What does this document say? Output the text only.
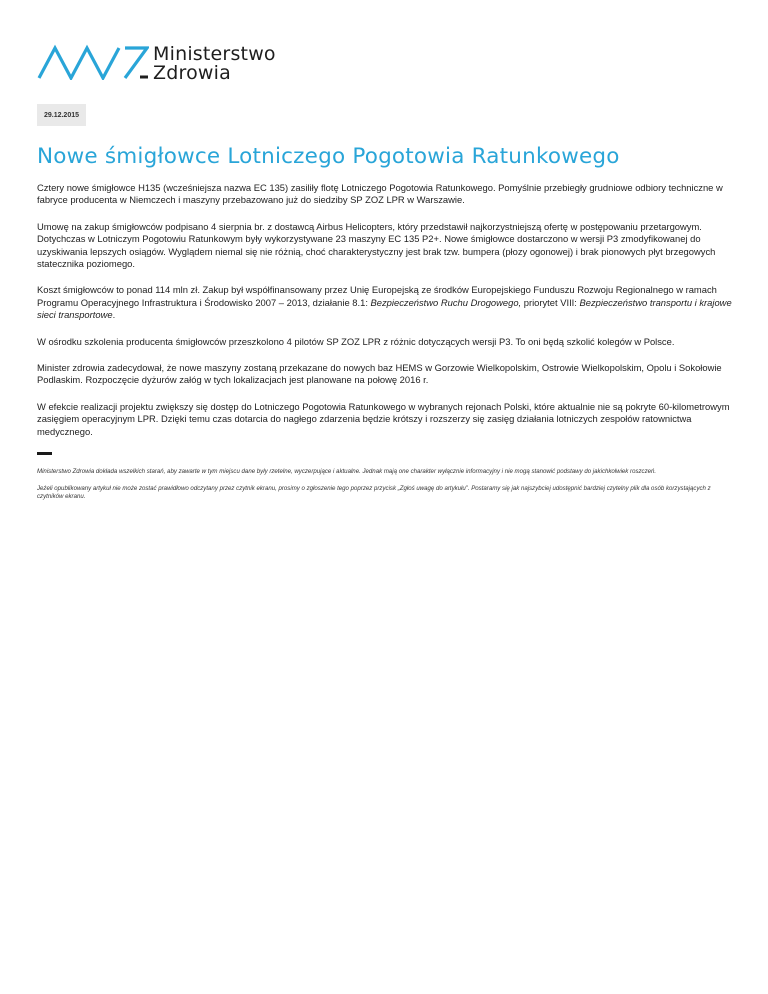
Ministerstwo
Zdrowia
29.12.2015
Nowe śmigłowce Lotniczego Pogotowia Ratunkowego

Cztery nowe śmigłowce H135 (wcześniejsza nazwa EC 135) zasiliły flotę Lotniczego Pogotowia Ratunkowego. Pomyślnie przebiegły grudniowe odbiory techniczne w fabryce producenta w Niemczech i maszyny przebazowano już do siedziby SP ZOZ LPR w Warszawie.

Umowę na zakup śmigłowców podpisano 4 sierpnia br. z dostawcą Airbus Helicopters, który przedstawił najkorzystniejszą ofertę w postępowaniu przetargowym. Dotychczas w Lotniczym Pogotowiu Ratunkowym były wykorzystywane 23 maszyny EC 135 P2+. Nowe śmigłowce dostarczono w wersji P3 zmodyfikowanej do uzyskiwania lepszych osiągów. Wyglądem niemal się nie różnią, choć charakterystyczny jest brak tzw. bumpera (płozy ogonowej) i brak pionowych płyt brzegowych statecznika poziomego.

Koszt śmigłowców to ponad 114 mln zł. Zakup był współfinansowany przez Unię Europejską ze środków Europejskiego Funduszu Rozwoju Regionalnego w ramach Programu Operacyjnego Infrastruktura i Środowisko 2007 – 2013, działanie 8.1: Bezpieczeństwo Ruchu Drogowego, priorytet VIII: Bezpieczeństwo transportu i krajowe sieci transportowe.

W ośrodku szkolenia producenta śmigłowców przeszkolono 4 pilotów SP ZOZ LPR z różnic dotyczących wersji P3. To oni będą szkolić kolegów w Polsce.

Minister zdrowia zadecydował, że nowe maszyny zostaną przekazane do nowych baz HEMS w Gorzowie Wielkopolskim, Ostrowie Wielkopolskim, Opolu i Sokołowie Podlaskim. Rozpoczęcie dyżurów załóg w tych lokalizacjach jest planowane na połowę 2016 r.

W efekcie realizacji projektu zwiększy się dostęp do Lotniczego Pogotowia Ratunkowego w wybranych rejonach Polski, które aktualnie nie są pokryte 60-kilometrowym zasięgiem operacyjnym LPR. Dzięki temu czas dotarcia do nagłego zdarzenia będzie krótszy i rozszerzy się zasięg działania lotniczych zespołów ratownictwa medycznego.

Ministerstwo Zdrowia dokłada wszelkich starań, aby zawarte w tym miejscu dane były rzetelne, wyczerpujące i aktualne. Jednak mają one charakter wyłącznie informacyjny i nie mogą stanowić podstawy do jakichkolwiek roszczeń.
Jeżeli opublikowany artykuł nie może zostać prawidłowo odczytany przez czytnik ekranu, prosimy o zgłoszenie tego poprzez przycisk „Zgłoś uwagę do artykułu”. Postaramy się jak najszybciej udostępnić bardziej czytelny plik dla osób korzystających z czytników ekranu.
